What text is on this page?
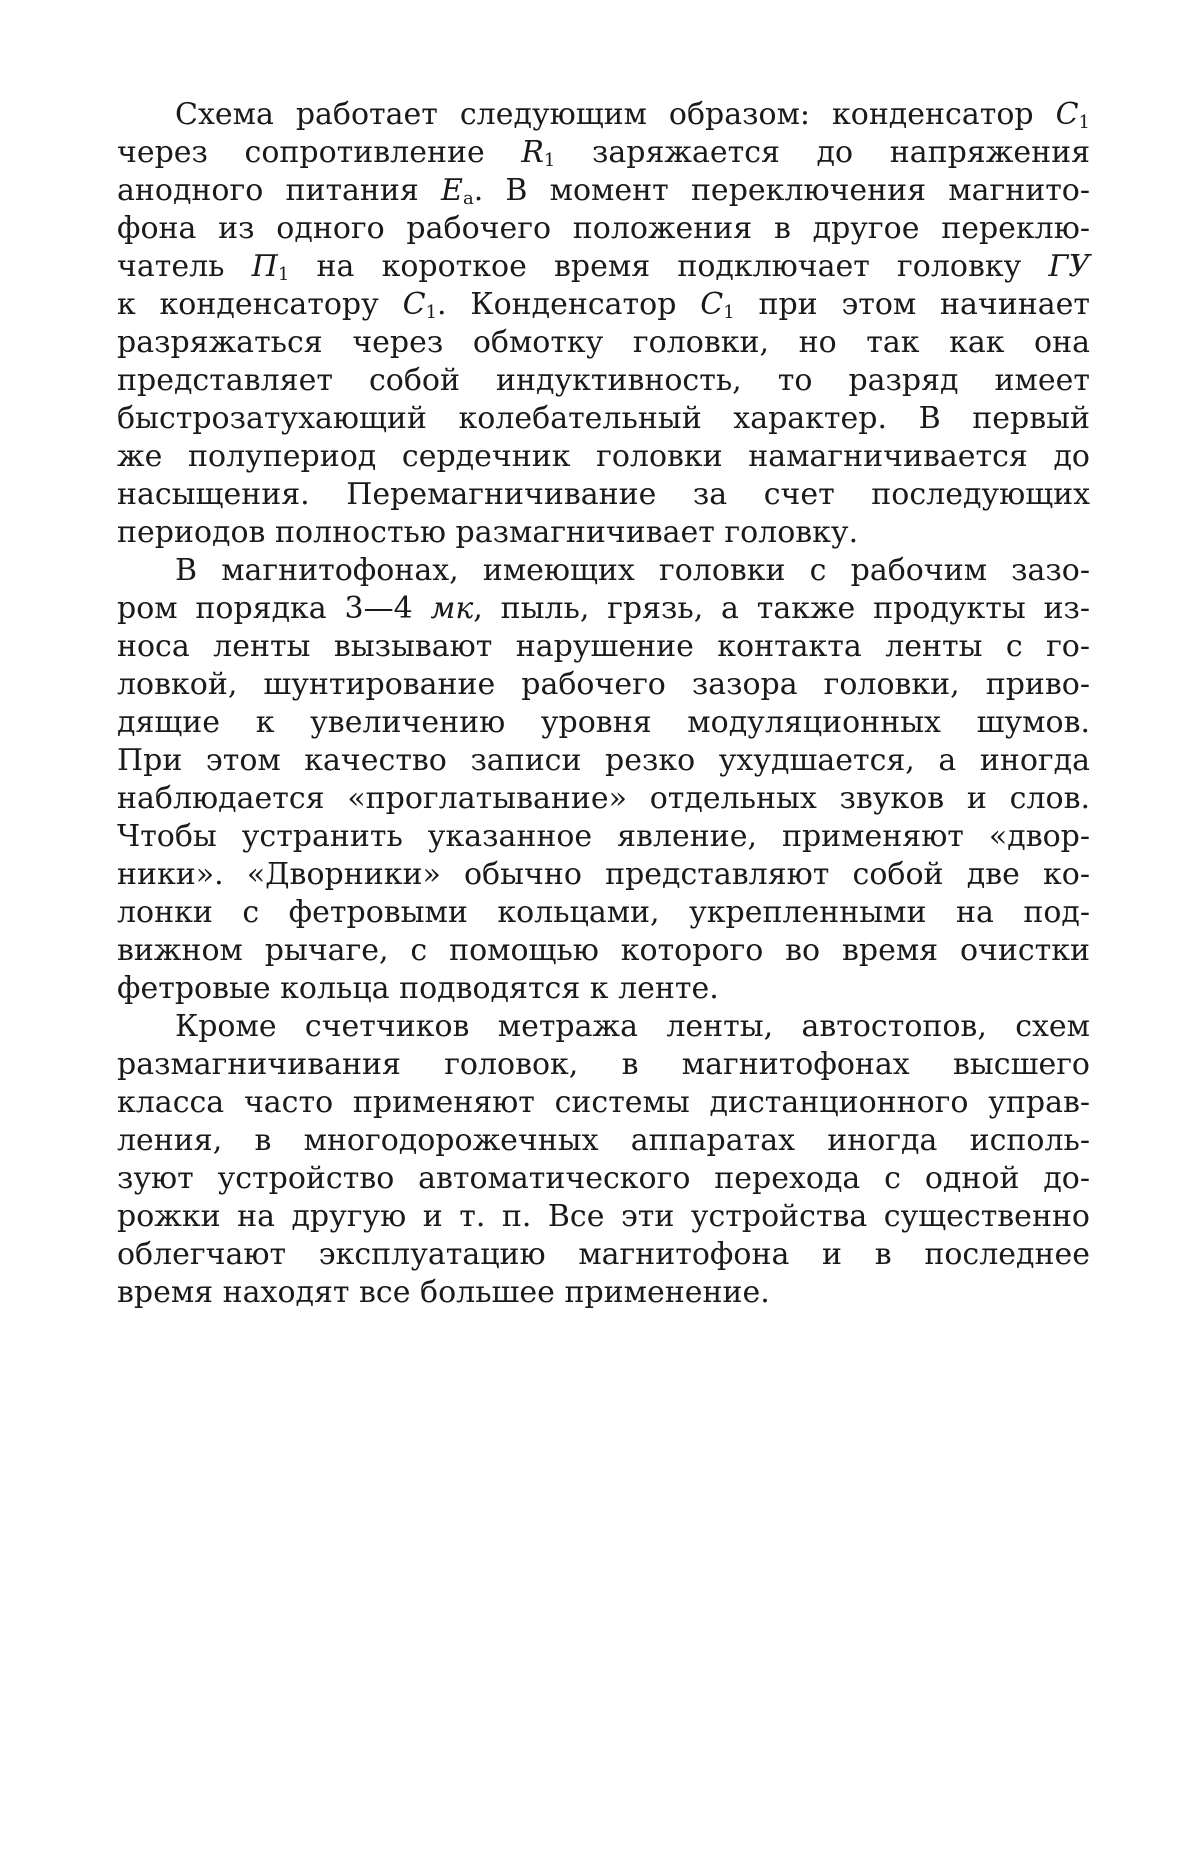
Схема работает следующим образом: конденсатор $C_1$
через сопротивление $R_1$ заряжается до напряжения
анодного питания $E_а$. В момент переключения магнито-
фона из одного рабочего положения в другое переклю-
чатель $П_1$ на короткое время подключает головку ГУ
к конденсатору $C_1$. Конденсатор $C_1$ при этом начинает
разряжаться через обмотку головки, но так как она
представляет собой индуктивность, то разряд имеет
быстрозатухающий колебательный характер. В первый
же полупериод сердечник головки намагничивается до
насыщения. Перемагничивание за счет последующих
периодов полностью размагничивает головку.
В магнитофонах, имеющих головки с рабочим зазо-
ром порядка 3—4 мк, пыль, грязь, а также продукты из-
носа ленты вызывают нарушение контакта ленты с го-
ловкой, шунтирование рабочего зазора головки, приво-
дящие к увеличению уровня модуляционных шумов.
При этом качество записи резко ухудшается, а иногда
наблюдается «проглатывание» отдельных звуков и слов.
Чтобы устранить указанное явление, применяют «двор-
ники». «Дворники» обычно представляют собой две ко-
лонки с фетровыми кольцами, укрепленными на под-
вижном рычаге, с помощью которого во время очистки
фетровые кольца подводятся к ленте.
Кроме счетчиков метража ленты, автостопов, схем
размагничивания головок, в магнитофонах высшего
класса часто применяют системы дистанционного управ-
ления, в многодорожечных аппаратах иногда исполь-
зуют устройство автоматического перехода с одной до-
рожки на другую и т. п. Все эти устройства существенно
облегчают эксплуатацию магнитофона и в последнее
время находят все большее применение.
